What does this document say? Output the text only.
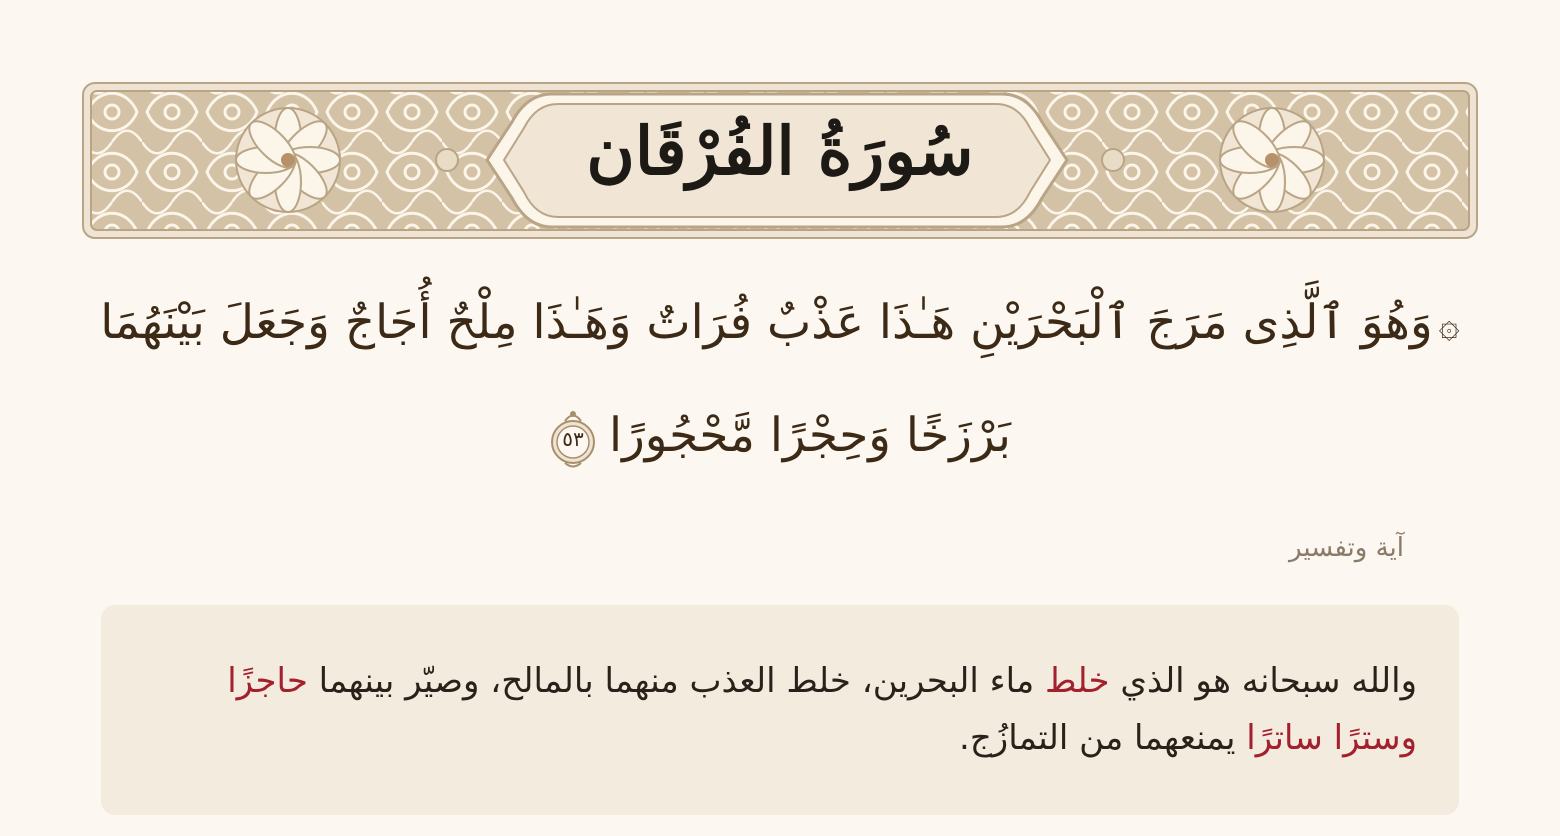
سُورَةُ الفُرْقَان
۞وَهُوَ ٱلَّذِى مَرَجَ ٱلْبَحْرَيْنِ هَـٰذَا عَذْبٌ فُرَاتٌ وَهَـٰذَا مِلْحٌ أُجَاجٌ وَجَعَلَ بَيْنَهُمَا
بَرْزَخًا وَحِجْرًا مَّحْجُورًا
٥٣
آية وتفسير
والله سبحانه هو الذي خلط ماء البحرين، خلط العذب منهما بالمالح، وصيّر بينهما حاجزًا وسترًا ساترًا يمنعهما من التمازُج.
